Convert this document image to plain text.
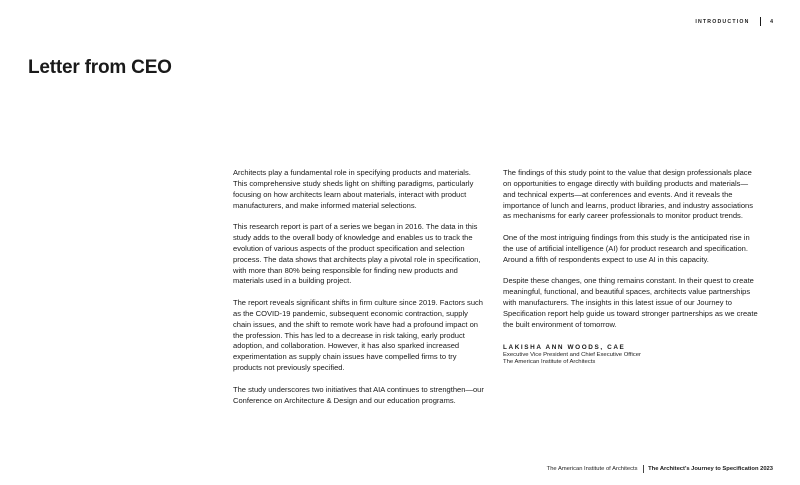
INTRODUCTION	4
Letter from CEO

Architects play a fundamental role in specifying products and materials. This comprehensive study sheds light on shifting paradigms, particularly focusing on how architects learn about materials, interact with product manufacturers, and make informed material selections.

This research report is part of a series we began in 2016. The data in this study adds to the overall body of knowledge and enables us to track the evolution of various aspects of the product specification and selection process. The data shows that architects play a pivotal role in specification, with more than 80% being responsible for finding new products and materials used in a building project.

The report reveals significant shifts in firm culture since 2019. Factors such as the COVID-19 pandemic, subsequent economic contraction, supply chain issues, and the shift to remote work have had a profound impact on the profession. This has led to a decrease in risk taking, early product adoption, and collaboration. However, it has also sparked increased experimentation as supply chain issues have compelled firms to try products not previously specified.

The study underscores two initiatives that AIA continues to strengthen—our Conference on Architecture & Design and our education programs.

The findings of this study point to the value that design professionals place on opportunities to engage directly with building products and materials—and technical experts—at conferences and events. And it reveals the importance of lunch and learns, product libraries, and industry associations as mechanisms for early career professionals to monitor product trends.

One of the most intriguing findings from this study is the anticipated rise in the use of artificial intelligence (AI) for product research and specification. Around a fifth of respondents expect to use AI in this capacity.

Despite these changes, one thing remains constant. In their quest to create meaningful, functional, and beautiful spaces, architects value partnerships with manufacturers. The insights in this latest issue of our Journey to Specification report help guide us toward stronger partnerships as we create the built environment of tomorrow.

LAKISHA ANN WOODS, CAE
Executive Vice President and Chief Executive Officer
The American Institute of Architects
The American Institute of Architects The Architect's Journey to Specification 2023
